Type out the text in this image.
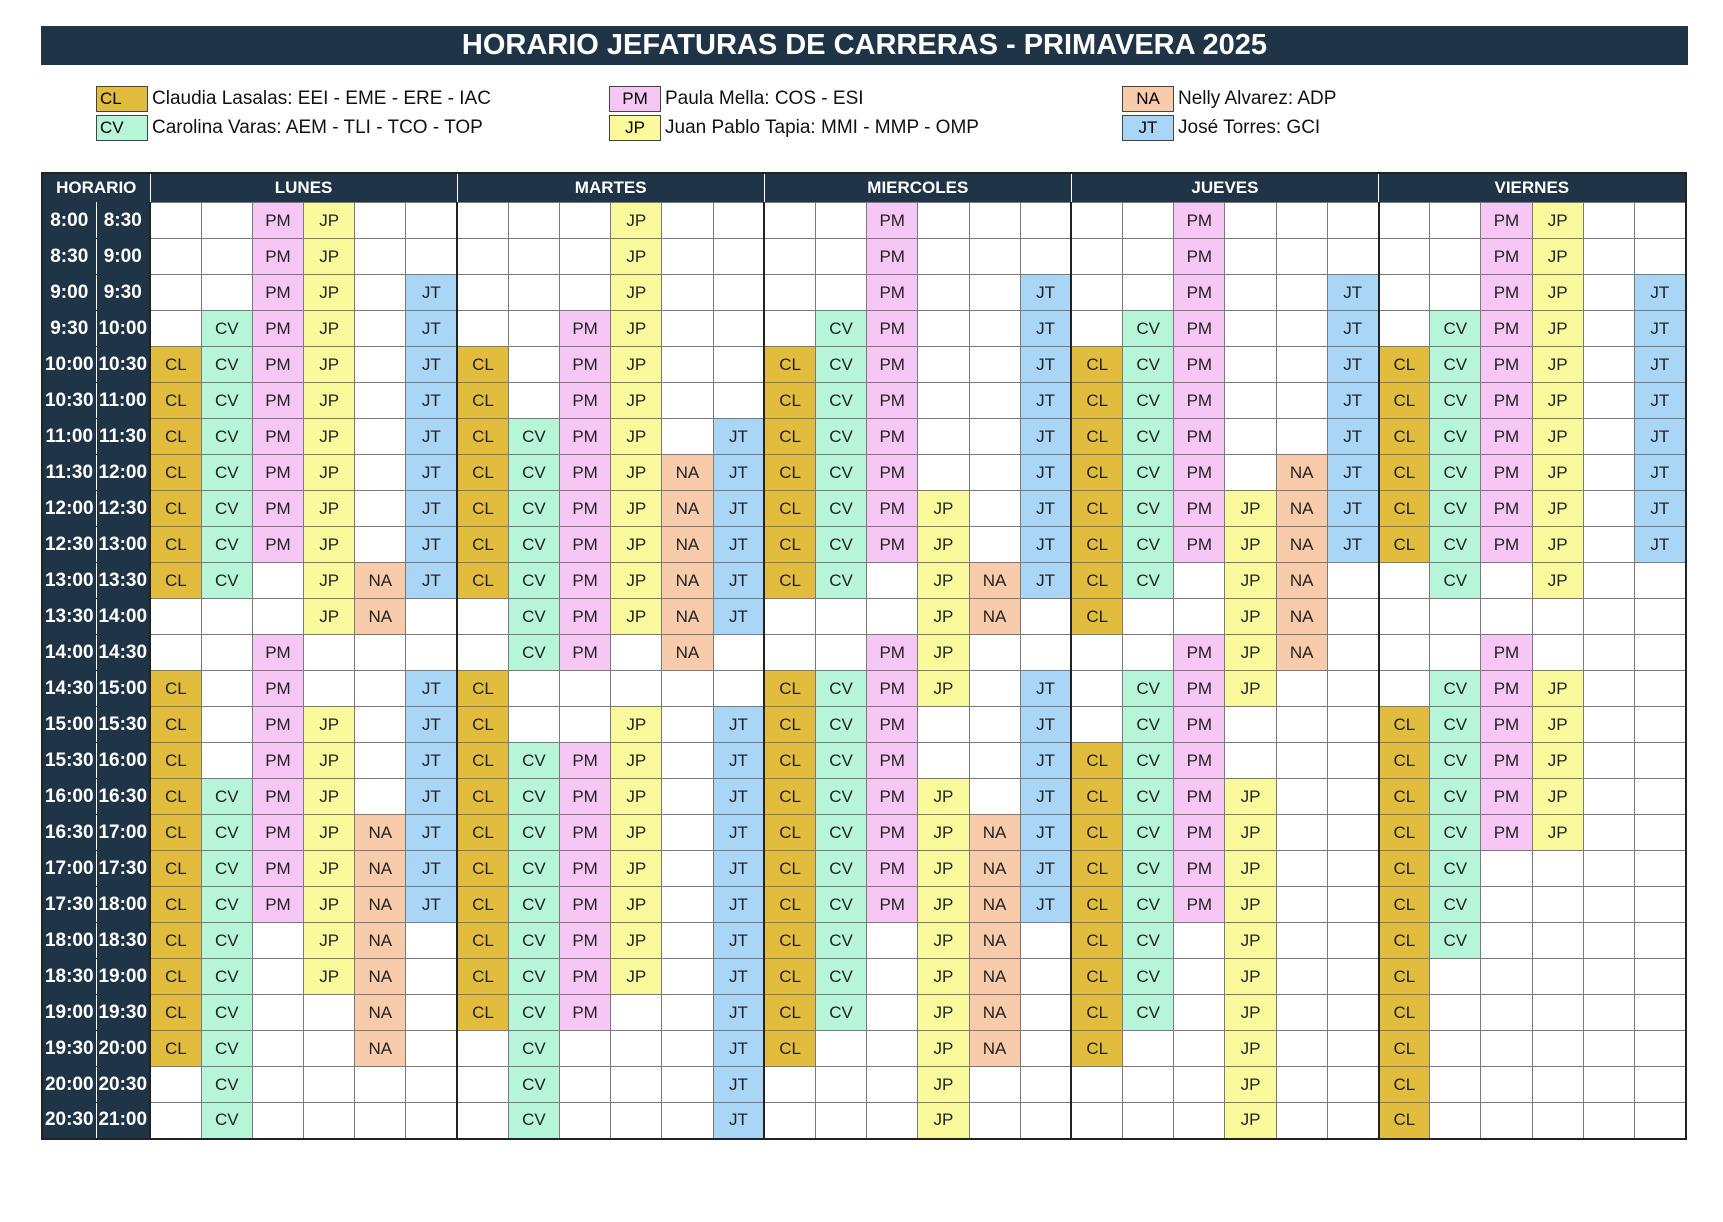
HORARIO JEFATURAS DE CARRERAS - PRIMAVERA 2025
CL	Claudia Lasalas: EEI - EME - ERE - IAC
CV	Carolina Varas: AEM - TLI - TCO - TOP
PM Paula Mella: COS - ESI
JP	Juan Pablo Tapia: MMI - MMP - OMP
NA Nelly Alvarez: ADP
JT	José Torres: GCI
HORARIO		LUNES						MARTES						MIERCOLES						JUEVES						VIERNES					
8:00	8:30			PM	JP						JP					PM						PM						PM	JP		
8:30	9:00			PM	JP						JP					PM						PM						PM	JP		
9:00	9:30			PM	JP		JT				JP					PM			JT			PM			JT			PM	JP		JT
9:30	10:00		CV	PM	JP		JT			PM	JP				CV	PM			JT		CV	PM			JT		CV	PM	JP		JT
10:00	10:30	CL	CV	PM	JP		JT	CL		PM	JP			CL	CV	PM			JT	CL	CV	PM			JT	CL	CV	PM	JP		JT
10:30	11:00	CL	CV	PM	JP		JT	CL		PM	JP			CL	CV	PM			JT	CL	CV	PM			JT	CL	CV	PM	JP		JT
11:00	11:30	CL	CV	PM	JP		JT	CL	CV	PM	JP		JT	CL	CV	PM			JT	CL	CV	PM			JT	CL	CV	PM	JP		JT
11:30	12:00	CL	CV	PM	JP		JT	CL	CV	PM	JP	NA	JT	CL	CV	PM			JT	CL	CV	PM		NA	JT	CL	CV	PM	JP		JT
12:00	12:30	CL	CV	PM	JP		JT	CL	CV	PM	JP	NA	JT	CL	CV	PM	JP		JT	CL	CV	PM	JP	NA	JT	CL	CV	PM	JP		JT
12:30	13:00	CL	CV	PM	JP		JT	CL	CV	PM	JP	NA	JT	CL	CV	PM	JP		JT	CL	CV	PM	JP	NA	JT	CL	CV	PM	JP		JT
13:00	13:30	CL	CV		JP	NA	JT	CL	CV	PM	JP	NA	JT	CL	CV		JP	NA	JT	CL	CV		JP	NA			CV		JP		
13:30	14:00				JP	NA			CV	PM	JP	NA	JT				JP	NA		CL			JP	NA							
14:00	14:30			PM					CV	PM		NA				PM	JP					PM	JP	NA				PM			
14:30	15:00	CL		PM			JT	CL						CL	CV	PM	JP		JT		CV	PM	JP				CV	PM	JP		
15:00	15:30	CL		PM	JP		JT	CL			JP		JT	CL	CV	PM			JT		CV	PM				CL	CV	PM	JP		
15:30	16:00	CL		PM	JP		JT	CL	CV	PM	JP		JT	CL	CV	PM			JT	CL	CV	PM				CL	CV	PM	JP		
16:00	16:30	CL	CV	PM	JP		JT	CL	CV	PM	JP		JT	CL	CV	PM	JP		JT	CL	CV	PM	JP			CL	CV	PM	JP		
16:30	17:00	CL	CV	PM	JP	NA	JT	CL	CV	PM	JP		JT	CL	CV	PM	JP	NA	JT	CL	CV	PM	JP			CL	CV	PM	JP		
17:00	17:30	CL	CV	PM	JP	NA	JT	CL	CV	PM	JP		JT	CL	CV	PM	JP	NA	JT	CL	CV	PM	JP			CL	CV				
17:30	18:00	CL	CV	PM	JP	NA	JT	CL	CV	PM	JP		JT	CL	CV	PM	JP	NA	JT	CL	CV	PM	JP			CL	CV				
18:00	18:30	CL	CV		JP	NA		CL	CV	PM	JP		JT	CL	CV		JP	NA		CL	CV		JP			CL	CV				
18:30	19:00	CL	CV		JP	NA		CL	CV	PM	JP		JT	CL	CV		JP	NA		CL	CV		JP			CL					
19:00	19:30	CL	CV			NA		CL	CV	PM			JT	CL	CV		JP	NA		CL	CV		JP			CL					
19:30	20:00	CL	CV			NA			CV				JT	CL			JP	NA		CL			JP			CL					
20:00	20:30		CV						CV				JT				JP						JP			CL					
20:30	21:00		CV						CV				JT				JP						JP			CL					
